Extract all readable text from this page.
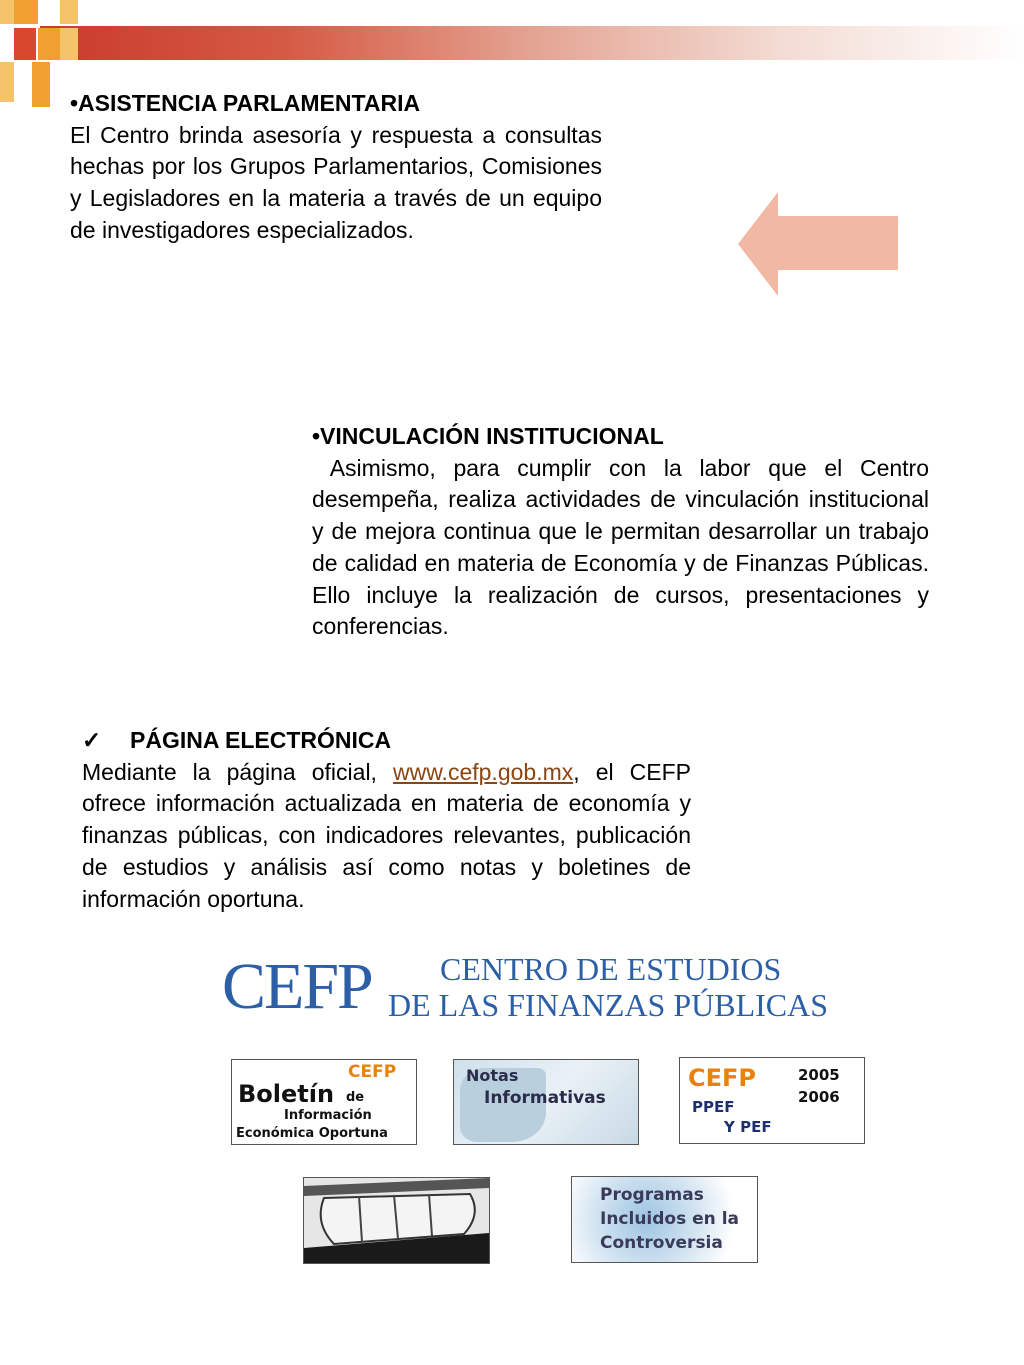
•ASISTENCIA PARLAMENTARIA

El Centro brinda asesoría y respuesta a consultas hechas por los Grupos Parlamentarios, Comisiones y Legisladores en la materia a través de un equipo de investigadores especializados.

•VINCULACIÓN INSTITUCIONAL

Asimismo, para cumplir con la labor que el Centro desempeña, realiza actividades de vinculación institucional y de mejora continua que le permitan desarrollar un trabajo de calidad en materia de Economía y de Finanzas Públicas.  Ello incluye la realización de cursos, presentaciones y conferencias.

✓ PÁGINA ELECTRÓNICA

Mediante la página oficial, www.cefp.gob.mx, el CEFP ofrece información actualizada en materia de economía y finanzas públicas, con indicadores relevantes, publicación de estudios y análisis así como notas y boletines de información oportuna.

CEFP CENTRO DE ESTUDIOS
DE LAS FINANZAS PÚBLICAS
CEFP
Boletín de
Información
Económica Oportuna
Notas
Informativas
CEFP	2005
2006
PPEF
Y PEF
Programas
Incluidos en la
Controversia
